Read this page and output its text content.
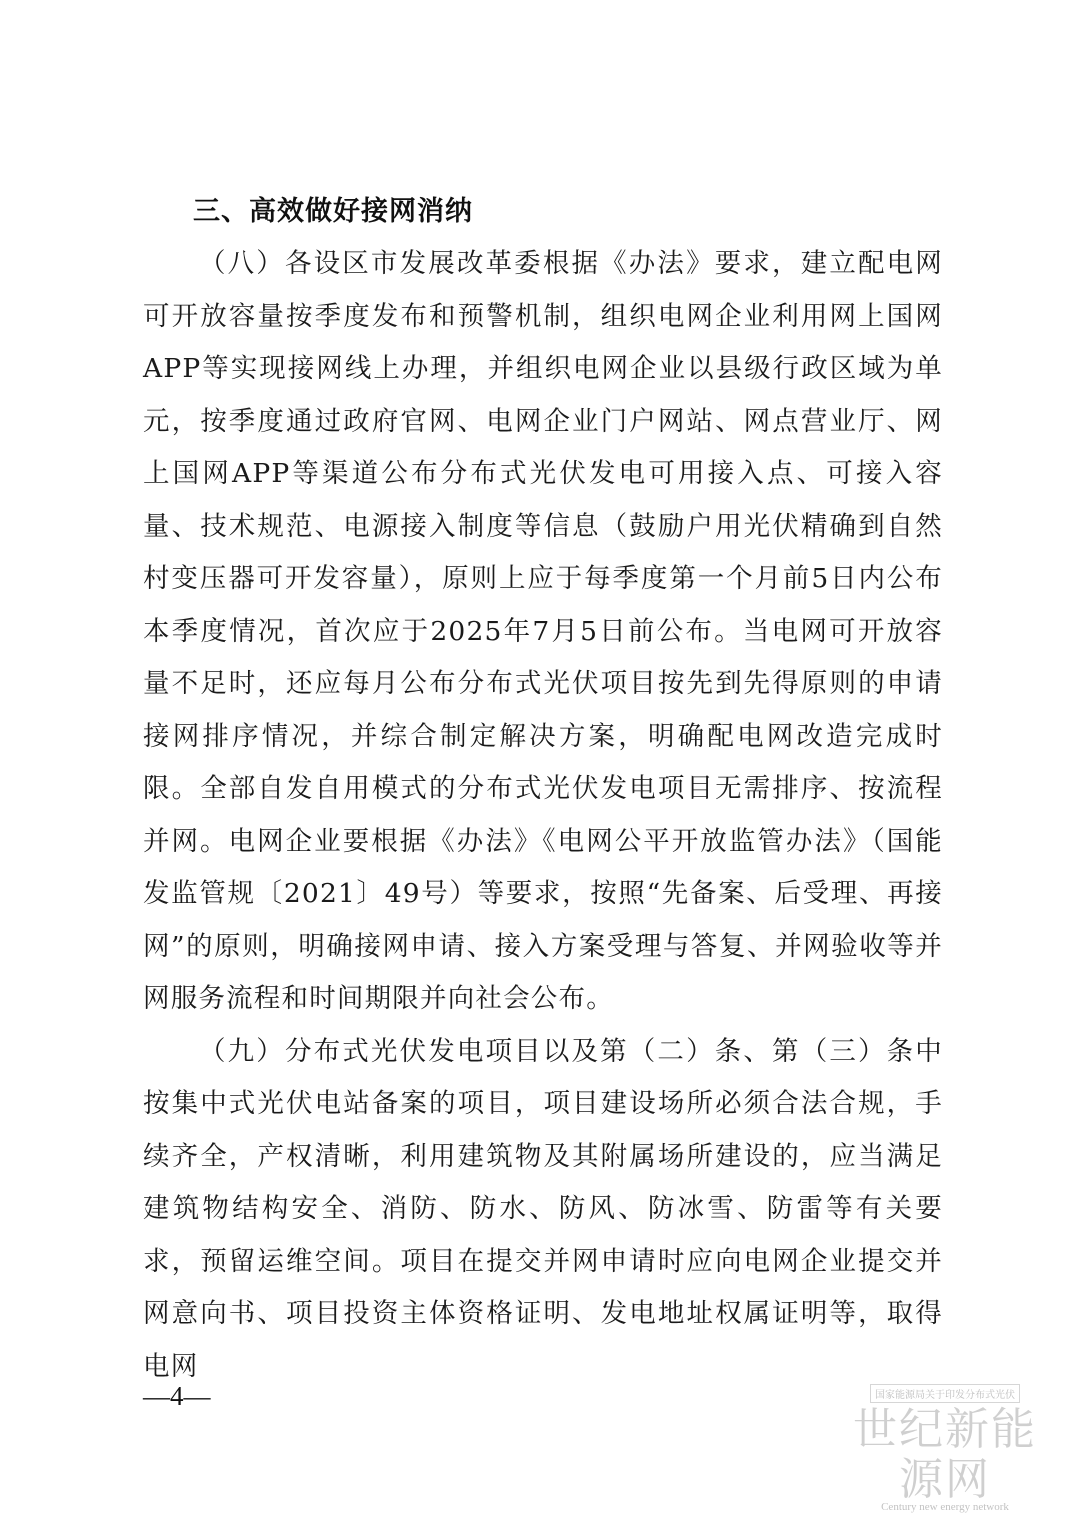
三、高效做好接网消纳

（八）各设区市发展改革委根据《办法》要求，建立配电网可开放容量按季度发布和预警机制，组织电网企业利用网上国网APP等实现接网线上办理，并组织电网企业以县级行政区域为单元，按季度通过政府官网、电网企业门户网站、网点营业厅、网上国网APP等渠道公布分布式光伏发电可用接入点、可接入容量、技术规范、电源接入制度等信息（鼓励户用光伏精确到自然村变压器可开发容量），原则上应于每季度第一个月前5日内公布本季度情况，首次应于2025年7月5日前公布。当电网可开放容量不足时，还应每月公布分布式光伏项目按先到先得原则的申请接网排序情况，并综合制定解决方案，明确配电网改造完成时限。全部自发自用模式的分布式光伏发电项目无需排序、按流程并网。电网企业要根据《办法》《电网公平开放监管办法》（国能发监管规〔2021〕49号）等要求，按照“先备案、后受理、再接网”的原则，明确接网申请、接入方案受理与答复、并网验收等并网服务流程和时间期限并向社会公布。

（九）分布式光伏发电项目以及第（二）条、第（三）条中按集中式光伏电站备案的项目，项目建设场所必须合法合规，手续齐全，产权清晰，利用建筑物及其附属场所建设的，应当满足建筑物结构安全、消防、防水、防风、防冰雪、防雷等有关要求，预留运维空间。项目在提交并网申请时应向电网企业提交并网意向书、项目投资主体资格证明、发电地址权属证明等，取得电网

—4—	国家能源局关于印发分布式光伏
世纪新能源网
Century new energy network
